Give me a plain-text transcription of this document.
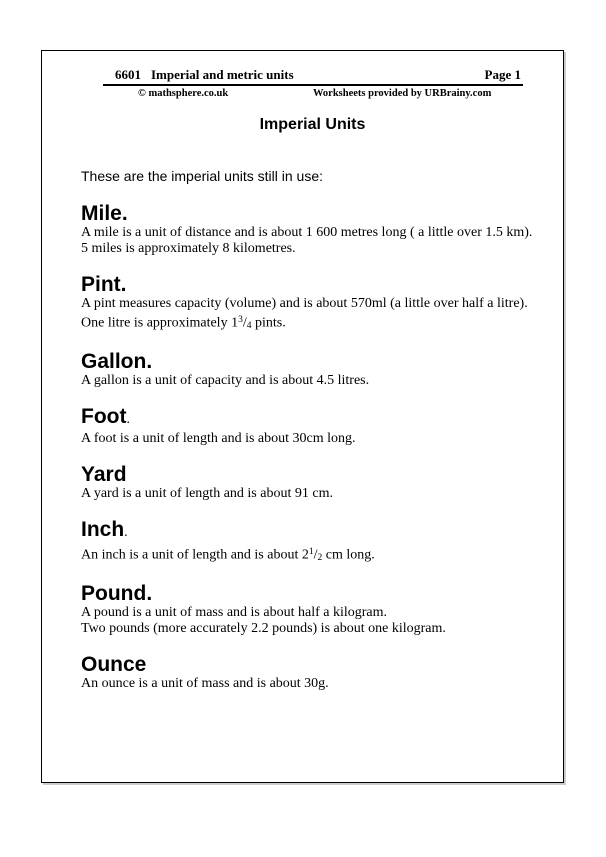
6601 Imperial and metric units	Page 1
© mathsphere.co.uk	Worksheets provided by URBrainy.com
Imperial Units
These are the imperial units still in use:
Mile.

A mile is a unit of distance and is about 1 600 metres long ( a little over 1.5 km).

5 miles is approximately 8 kilometres.

Pint.

A pint measures capacity (volume) and is about 570ml (a little over half a litre).

One litre is approximately $1^3/4$ pints.

Gallon.

A gallon is a unit of capacity and is about 4.5 litres.

Foot.

A foot is a unit of length and is about 30cm long.

Yard

A yard is a unit of length and is about 91 cm.

Inch.

An inch is a unit of length and is about $2^1/2$ cm long.

Pound.

A pound is a unit of mass and is about half a kilogram.

Two pounds (more accurately 2.2 pounds) is about one kilogram.

Ounce

An ounce is a unit of mass and is about 30g.
